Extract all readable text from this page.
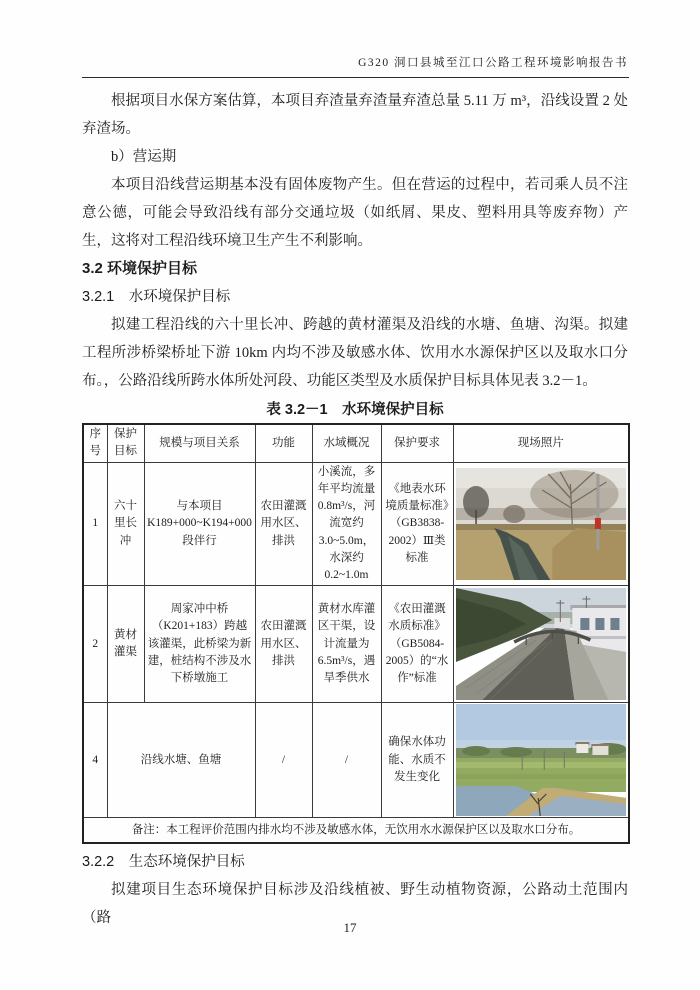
G320 洞口县城至江口公路工程环境影响报告书

根据项目水保方案估算，本项目弃渣量弃渣量弃渣总量 5.11 万 m³，沿线设置 2 处弃渣场。

b）营运期

本项目沿线营运期基本没有固体废物产生。但在营运的过程中，若司乘人员不注意公德，可能会导致沿线有部分交通垃圾（如纸屑、果皮、塑料用具等废弃物）产生，这将对工程沿线环境卫生产生不利影响。

3.2 环境保护目标
3.2.1　水环境保护目标

拟建工程沿线的六十里长冲、跨越的黄材灌渠及沿线的水塘、鱼塘、沟渠。拟建工程所涉桥梁桥址下游 10km 内均不涉及敏感水体、饮用水水源保护区以及取水口分布。，公路沿线所跨水体所处河段、功能区类型及水质保护目标具体见表 3.2－1。

表 3.2－1　水环境保护目标
序号	保护目标	规模与项目关系	功能	水域概况	保护要求	现场照片
1	六十里长冲	与本项目 K189+000~K194+000 段伴行	农田灌溉用水区、排洪	小溪流，多年平均流量0.8m³/s，河流宽约3.0~5.0m，水深约0.2~1.0m	《地表水环境质量标准》（GB3838-2002）Ⅲ类标准	

2	黄材灌渠	周家冲中桥（K201+183）跨越该灌渠，此桥梁为新建，桩结构不涉及水下桥墩施工	农田灌溉用水区、排洪	黄材水库灌区干渠，设计流量为6.5m³/s，遇旱季供水	《农田灌溉水质标准》（GB5084-2005）的“水作”标准	

4	沿线水塘、鱼塘		/	/	确保水体功能、水质不发生变化	

备注：本工程评价范围内排水均不涉及敏感水体，无饮用水水源保护区以及取水口分布。						
3.2.2　生态环境保护目标

拟建项目生态环境保护目标涉及沿线植被、野生动植物资源，公路动土范围内（路

17
